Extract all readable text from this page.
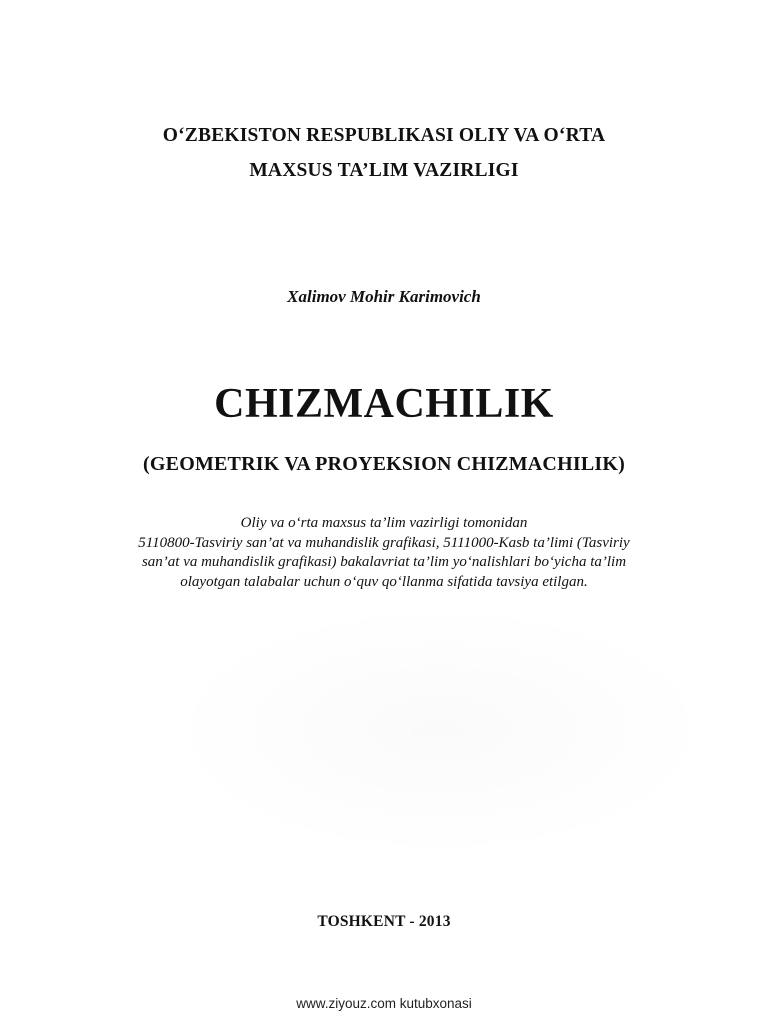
O‘ZBEKISTON RESPUBLIKASI OLIY VA O‘RTA
MAXSUS TA’LIM VAZIRLIGI
Xalimov Mohir Karimovich
CHIZMACHILIK
(GEOMETRIK VA PROYEKSION CHIZMACHILIK)
Oliy va o‘rta maxsus ta’lim vazirligi tomonidan
5110800-Tasviriy san’at va muhandislik grafikasi, 5111000-Kasb ta’limi (Tasviriy
san’at va muhandislik grafikasi) bakalavriat ta’lim yo‘nalishlari bo‘yicha ta’lim
olayotgan talabalar uchun o‘quv qo‘llanma sifatida tavsiya etilgan.
TOSHKENT - 2013
www.ziyouz.com kutubxonasi
